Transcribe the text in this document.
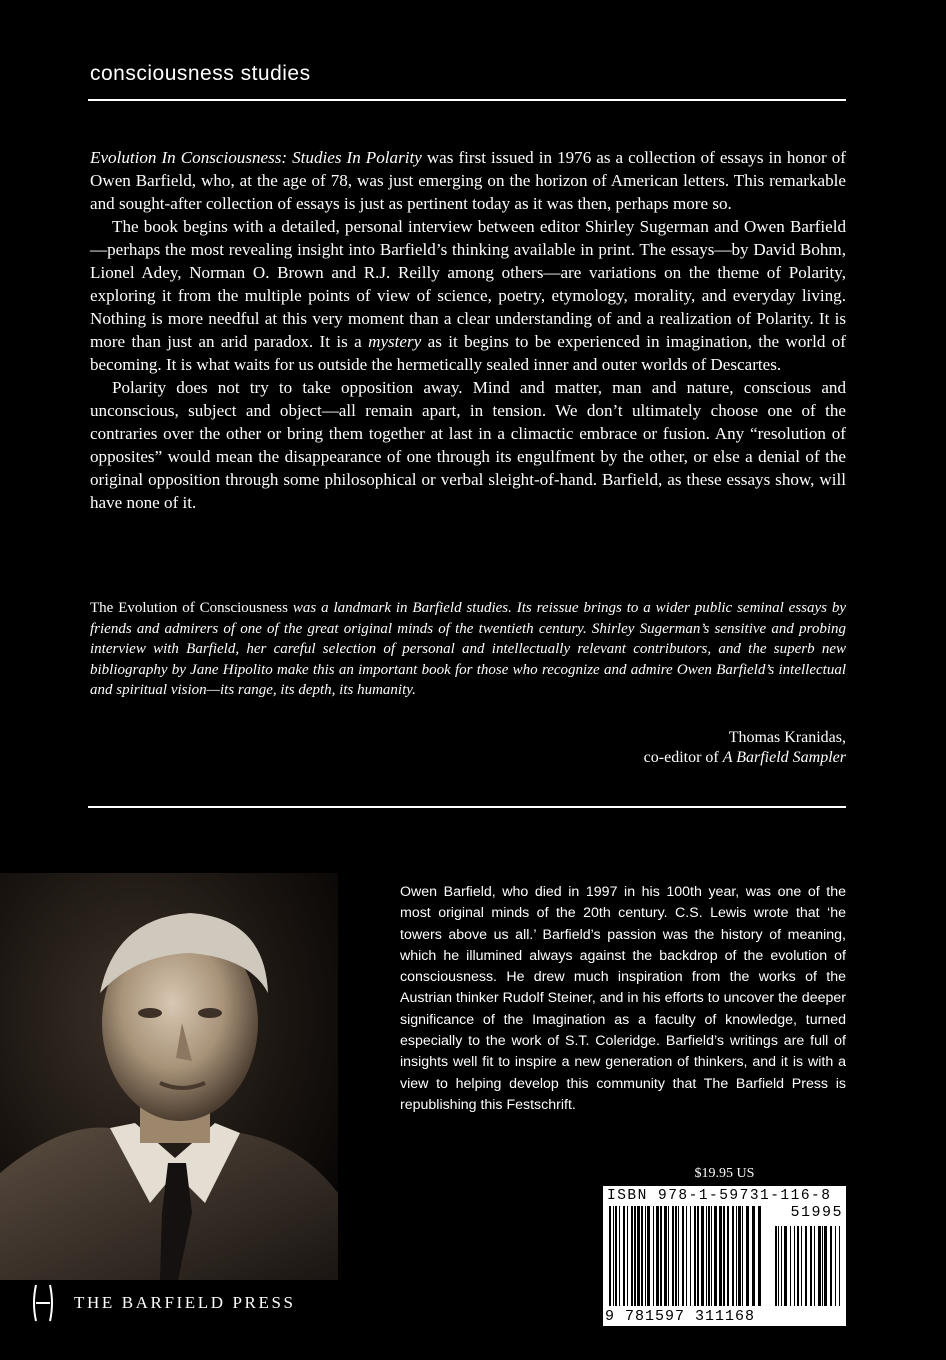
consciousness studies

Evolution In Consciousness: Studies In Polarity was first issued in 1976 as a collection of essays in honor of Owen Barfield, who, at the age of 78, was just emerging on the horizon of American letters. This remarkable and sought-after collection of essays is just as pertinent today as it was then, perhaps more so.

The book begins with a detailed, personal interview between editor Shirley Sugerman and Owen Barfield—perhaps the most revealing insight into Barfield’s thinking available in print. The essays—by David Bohm, Lionel Adey, Norman O. Brown and R.J. Reilly among others—are variations on the theme of Polarity, exploring it from the multiple points of view of science, poetry, etymology, morality, and everyday living. Nothing is more needful at this very moment than a clear understanding of and a realization of Polarity. It is more than just an arid paradox. It is a mystery as it begins to be experienced in imagination, the world of becoming. It is what waits for us outside the hermetically sealed inner and outer worlds of Descartes.

Polarity does not try to take opposition away. Mind and matter, man and nature, conscious and unconscious, subject and object—all remain apart, in tension. We don’t ultimately choose one of the contraries over the other or bring them together at last in a climactic embrace or fusion. Any “resolution of opposites” would mean the disappearance of one through its engulfment by the other, or else a denial of the original opposition through some philosophical or verbal sleight-of-hand. Barfield, as these essays show, will have none of it.

The Evolution of Consciousness was a landmark in Barfield studies. Its reissue brings to a wider public seminal essays by friends and admirers of one of the great original minds of the twentieth century. Shirley Sugerman’s sensitive and probing interview with Barfield, her careful selection of personal and intellectually relevant contributors, and the superb new bibliography by Jane Hipolito make this an important book for those who recognize and admire Owen Barfield’s intellectual and spiritual vision—its range, its depth, its humanity.
Thomas Kranidas,
co-editor of A Barfield Sampler
Owen Barfield, who died in 1997 in his 100th year, was one of the most original minds of the 20th century. C.S. Lewis wrote that ‘he towers above us all.’ Barfield’s passion was the history of meaning, which he illumined always against the backdrop of the evolution of consciousness. He drew much inspiration from the works of the Austrian thinker Rudolf Steiner, and in his efforts to uncover the deeper significance of the Imagination as a faculty of knowledge, turned especially to the work of S.T. Coleridge. Barfield’s writings are full of insights well fit to inspire a new generation of thinkers, and it is with a view to helping develop this community that The Barfield Press is republishing this Festschrift.
$19.95 US
ISBN 978-1-59731-116-8
51995
9 781597 311168
THE BARFIELD PRESS
